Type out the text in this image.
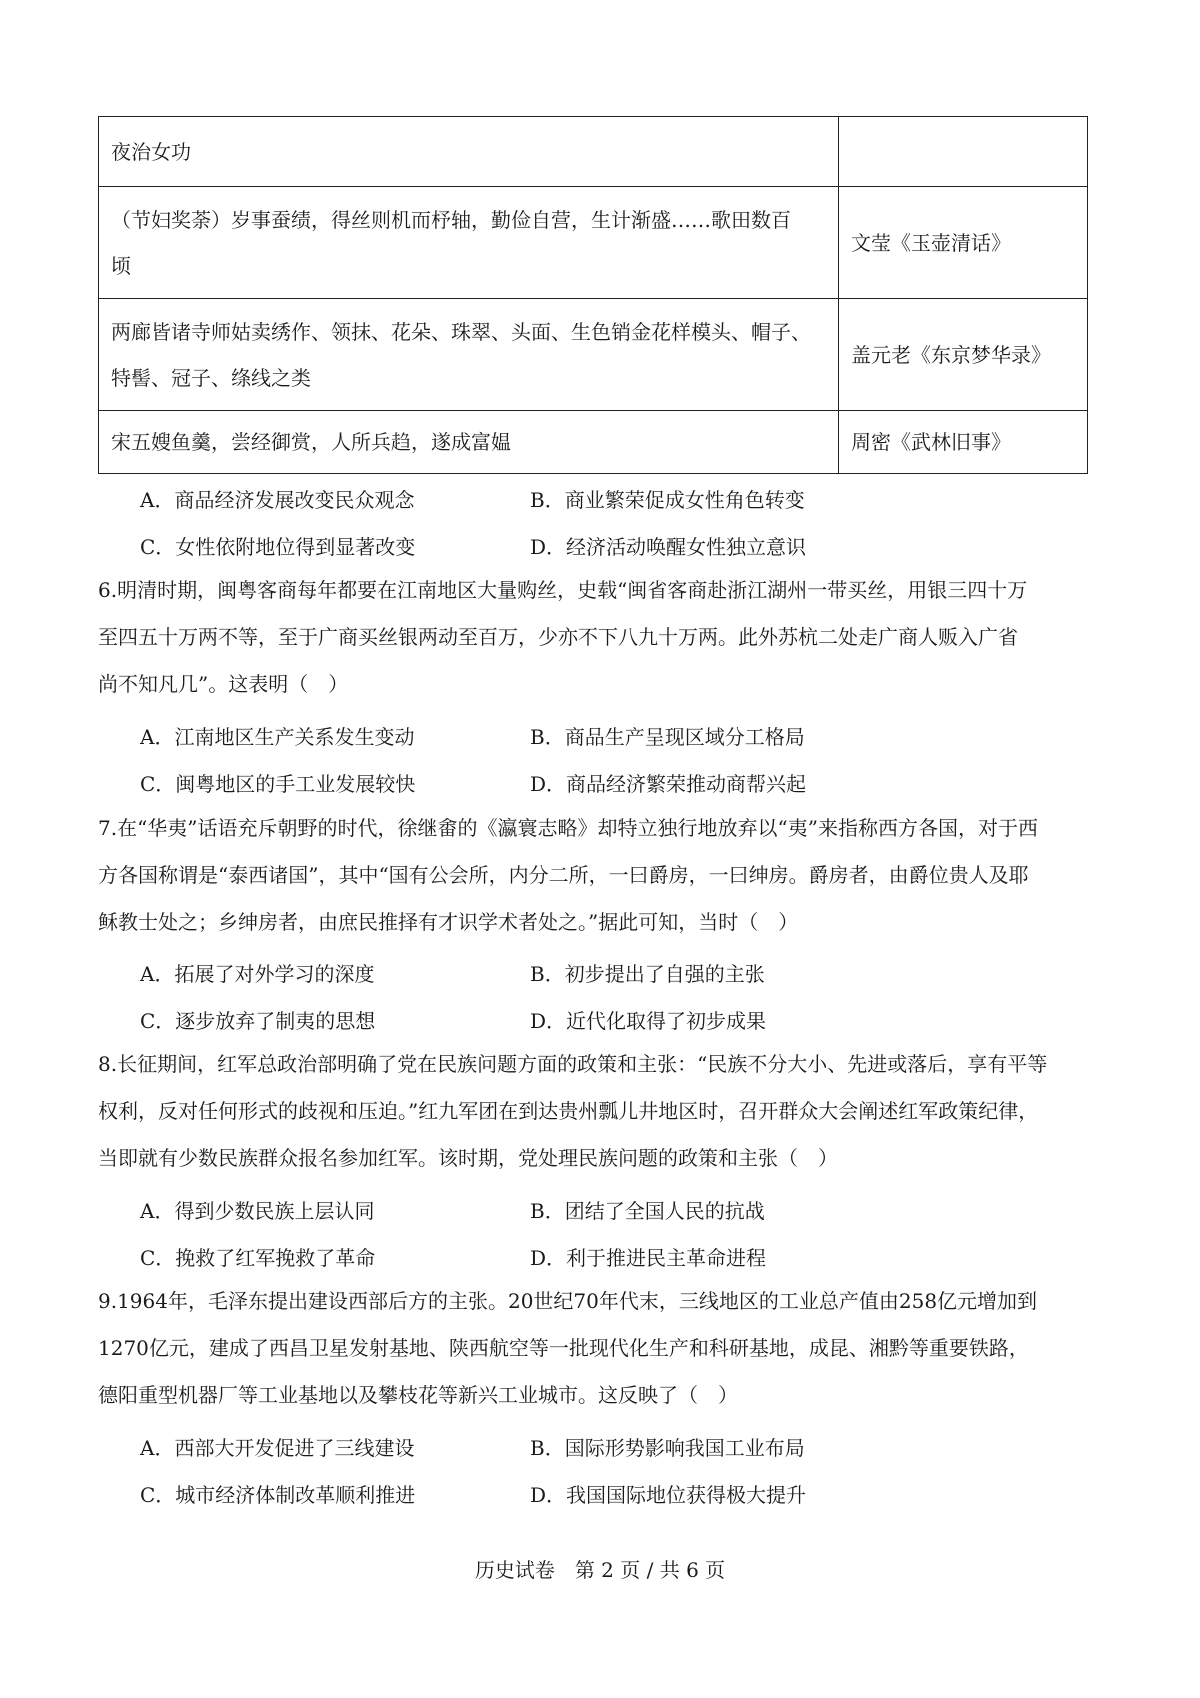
夜治女功	

（节妇奖荼）岁事蚕绩，得丝则机而杼轴，勤俭自营，生计渐盛……歌田数百
顷	文莹《玉壶清话》

两廊皆诸寺师姑卖绣作、领抹、花朵、珠翠、头面、生色销金花样模头、帽子、
特髻、冠子、绦线之类	盖元老《东京梦华录》
宋五嫂鱼羹，尝经御赏，人所兵趋，遂成富媪	周密《武林旧事》
A．商品经济发展改变民众观念	B．商业繁荣促成女性角色转变
C．女性依附地位得到显著改变	D．经济活动唤醒女性独立意识
6.明清时期，闽粤客商每年都要在江南地区大量购丝，史载“闽省客商赴浙江湖州一带买丝，用银三四十万
至四五十万两不等，至于广商买丝银两动至百万，少亦不下八九十万两。此外苏杭二处走广商人贩入广省
尚不知凡几”。这表明（　）
A．江南地区生产关系发生变动	B．商品生产呈现区域分工格局
C．闽粤地区的手工业发展较快	D．商品经济繁荣推动商帮兴起
7.在“华夷”话语充斥朝野的时代，徐继畬的《瀛寰志略》却特立独行地放弃以“夷”来指称西方各国，对于西
方各国称谓是“泰西诸国”，其中“国有公会所，内分二所，一曰爵房，一曰绅房。爵房者，由爵位贵人及耶
稣教士处之；乡绅房者，由庶民推择有才识学术者处之。”据此可知，当时（　）
A．拓展了对外学习的深度	B．初步提出了自强的主张
C．逐步放弃了制夷的思想	D．近代化取得了初步成果
8.长征期间，红军总政治部明确了党在民族问题方面的政策和主张：“民族不分大小、先进或落后，享有平等
权利，反对任何形式的歧视和压迫。”红九军团在到达贵州瓢儿井地区时，召开群众大会阐述红军政策纪律，
当即就有少数民族群众报名参加红军。该时期，党处理民族问题的政策和主张（　）
A．得到少数民族上层认同	B．团结了全国人民的抗战
C．挽救了红军挽救了革命	D．利于推进民主革命进程
9.1964年，毛泽东提出建设西部后方的主张。20世纪70年代末，三线地区的工业总产值由258亿元增加到
1270亿元，建成了西昌卫星发射基地、陕西航空等一批现代化生产和科研基地，成昆、湘黔等重要铁路，
德阳重型机器厂等工业基地以及攀枝花等新兴工业城市。这反映了（　）
A．西部大开发促进了三线建设	B．国际形势影响我国工业布局
C．城市经济体制改革顺利推进	D．我国国际地位获得极大提升
历史试卷　第 2 页 / 共 6 页
